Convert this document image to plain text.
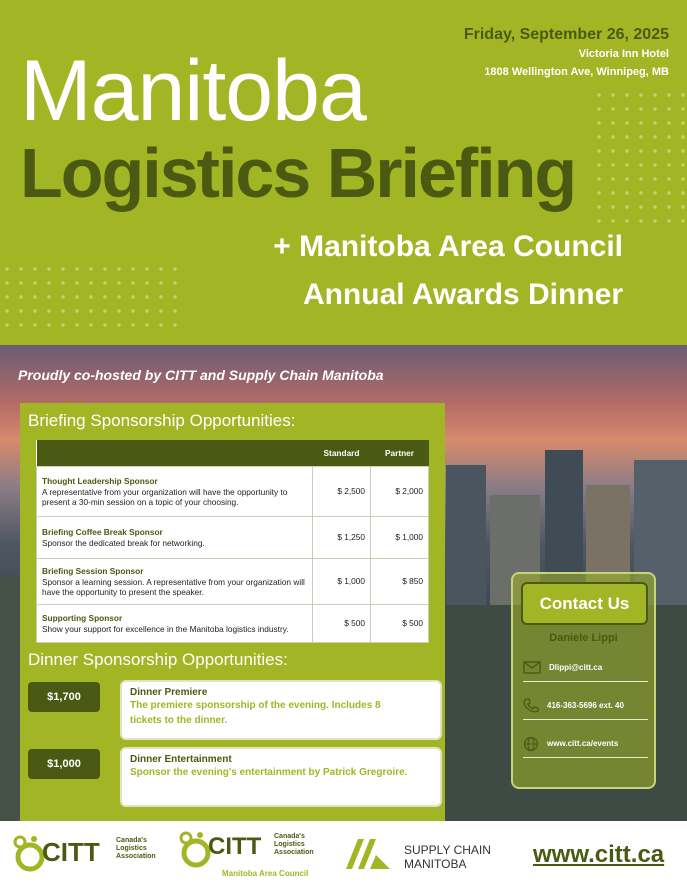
Friday, September 26, 2025
Victoria Inn Hotel
1808 Wellington Ave, Winnipeg, MB
Manitoba
Logistics Briefing
+ Manitoba Area Council
Annual Awards Dinner
Proudly co-hosted by CITT and Supply Chain Manitoba
Briefing Sponsorship Opportunities:
	Standard	Partner

Thought Leadership Sponsor
A representative from your organization will have the opportunity to present a 30-min session on a topic of your choosing.	$ 2,500	$ 2,000

Briefing Coffee Break Sponsor
Sponsor the dedicated break for networking.	$ 1,250	$ 1,000

Briefing Session Sponsor
Sponsor a learning session. A representative from your organization will have the opportunity to present the speaker.	$ 1,000	$ 850

Supporting Sponsor
Show your support for excellence in the Manitoba logistics industry.	$ 500	$ 500
Dinner Sponsorship Opportunities:
$1,700	Dinner Premiere
The premiere sponsorship of the evening. Includes 8 tickets to the dinner.
$1,000	Dinner Entertainment
Sponsor the evening's entertainment by Patrick Gregroire.
Contact Us
Daniele Lippi
Dlippi@citt.ca
416-363-5696 ext. 40
www.citt.ca/events
CITT Canada's
Logistics
Association CITT Canada's
Logistics
Association
Manitoba Area Council
SUPPLY CHAIN
MANITOBA	www.citt.ca
